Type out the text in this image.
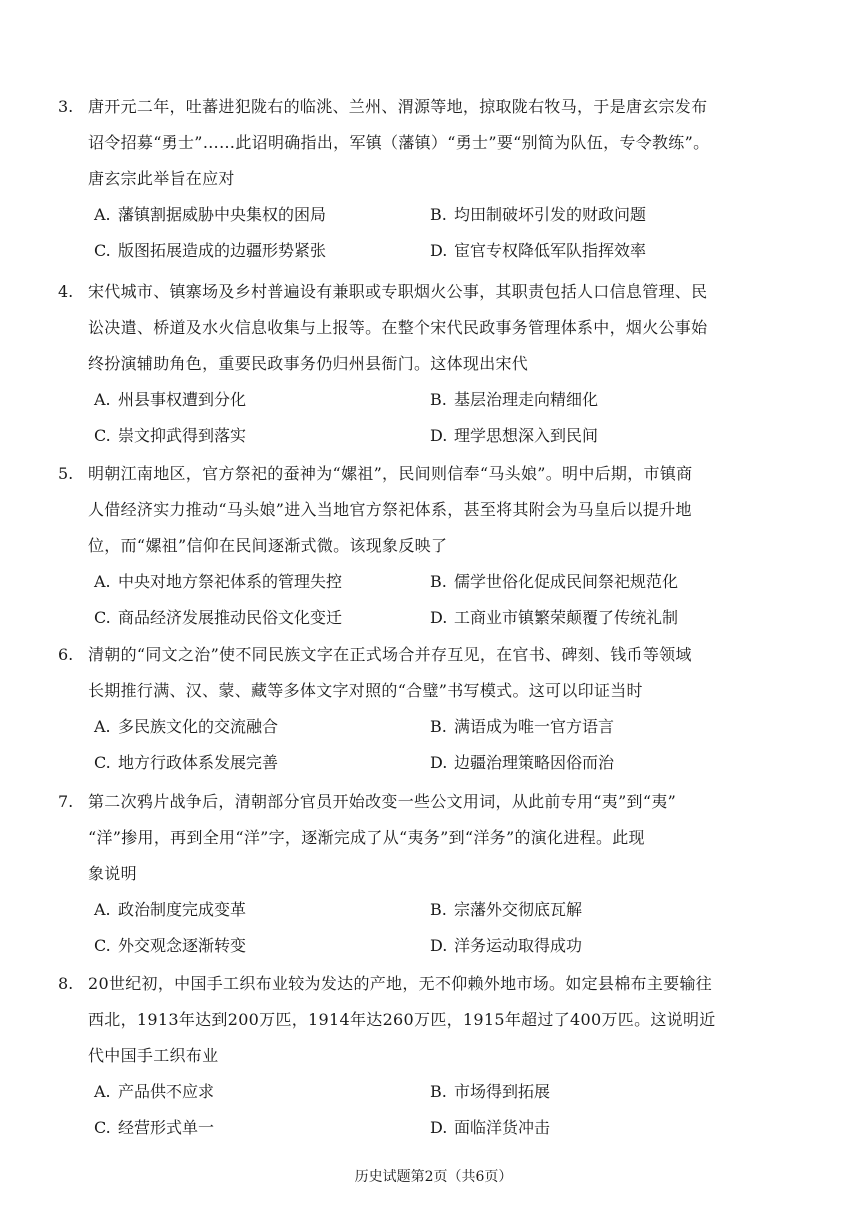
3. 唐开元二年，吐蕃进犯陇右的临洮、兰州、渭源等地，掠取陇右牧马，于是唐玄宗发布
诏令招募“勇士”……此诏明确指出，军镇（藩镇）“勇士”要“别简为队伍，专令教练”。
唐玄宗此举旨在应对
A. 藩镇割据威胁中央集权的困局	B. 均田制破坏引发的财政问题
C. 版图拓展造成的边疆形势紧张	D. 宦官专权降低军队指挥效率
4. 宋代城市、镇寨场及乡村普遍设有兼职或专职烟火公事，其职责包括人口信息管理、民
讼决遣、桥道及水火信息收集与上报等。在整个宋代民政事务管理体系中，烟火公事始
终扮演辅助角色，重要民政事务仍归州县衙门。这体现出宋代
A. 州县事权遭到分化	B. 基层治理走向精细化
C. 崇文抑武得到落实	D. 理学思想深入到民间
5. 明朝江南地区，官方祭祀的蚕神为“嫘祖”，民间则信奉“马头娘”。明中后期，市镇商
人借经济实力推动“马头娘”进入当地官方祭祀体系，甚至将其附会为马皇后以提升地
位，而“嫘祖”信仰在民间逐渐式微。该现象反映了
A. 中央对地方祭祀体系的管理失控	B. 儒学世俗化促成民间祭祀规范化
C. 商品经济发展推动民俗文化变迁	D. 工商业市镇繁荣颠覆了传统礼制
6. 清朝的“同文之治”使不同民族文字在正式场合并存互见，在官书、碑刻、钱币等领域
长期推行满、汉、蒙、藏等多体文字对照的“合璧”书写模式。这可以印证当时
A. 多民族文化的交流融合	B. 满语成为唯一官方语言
C. 地方行政体系发展完善	D. 边疆治理策略因俗而治
7. 第二次鸦片战争后，清朝部分官员开始改变一些公文用词，从此前专用“夷”到“夷”
“洋”掺用，再到全用“洋”字，逐渐完成了从“夷务”到“洋务”的演化进程。此现
象说明
A. 政治制度完成变革	B. 宗藩外交彻底瓦解
C. 外交观念逐渐转变	D. 洋务运动取得成功
8. 20世纪初，中国手工织布业较为发达的产地，无不仰赖外地市场。如定县棉布主要输往
西北，1913年达到200万匹，1914年达260万匹，1915年超过了400万匹。这说明近
代中国手工织布业
A. 产品供不应求	B. 市场得到拓展
C. 经营形式单一	D. 面临洋货冲击
历史试题第2页（共6页）
